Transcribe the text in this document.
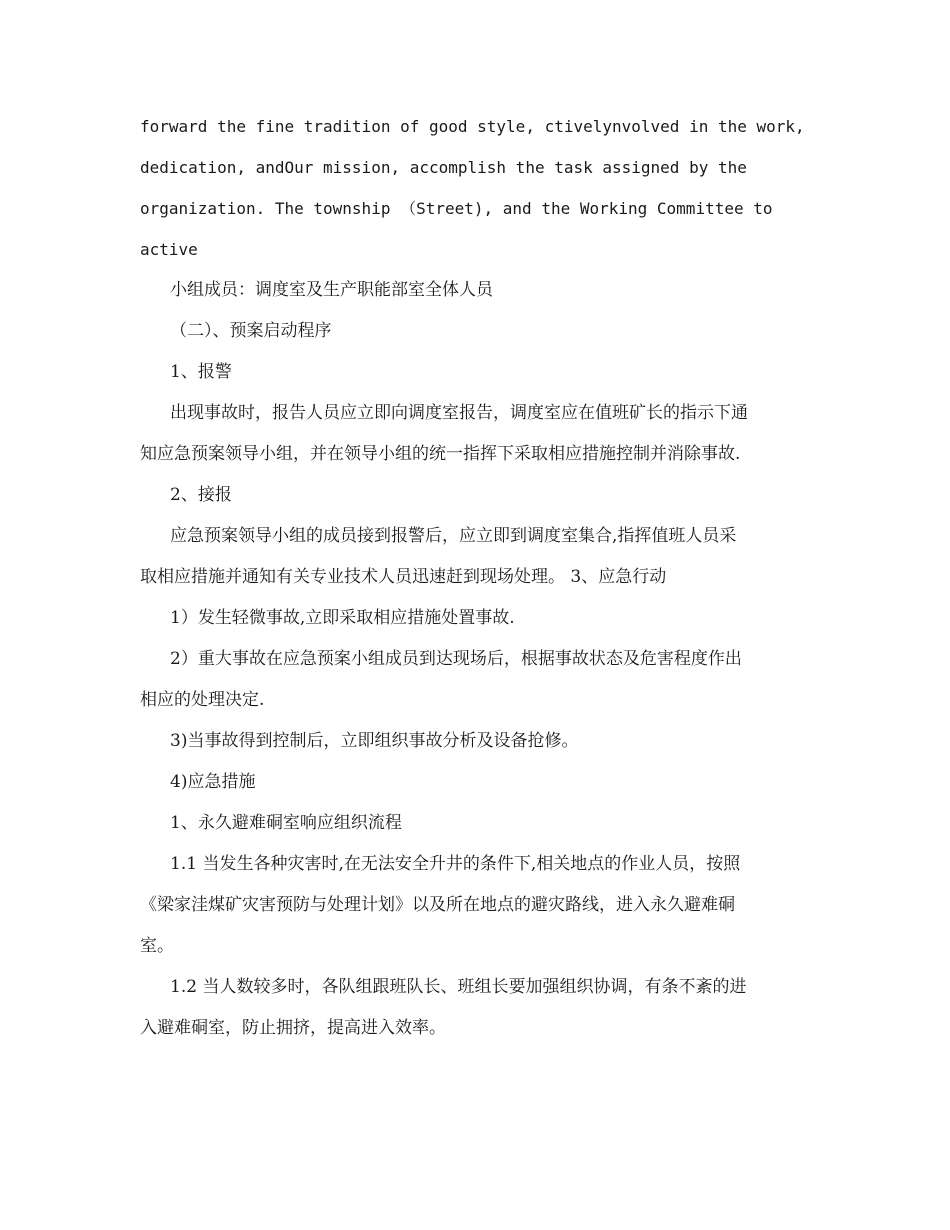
forward the fine tradition of good style, ctivelynvolved in the work,
dedication, andOur mission, accomplish the task assigned by the
organization. The township （Street), and the Working Committee to
active
小组成员：调度室及生产职能部室全体人员
（二）、预案启动程序
1、报警
出现事故时，报告人员应立即向调度室报告，调度室应在值班矿长的指示下通
知应急预案领导小组，并在领导小组的统一指挥下采取相应措施控制并消除事故.
2、接报
应急预案领导小组的成员接到报警后，应立即到调度室集合,指挥值班人员采
取相应措施并通知有关专业技术人员迅速赶到现场处理。 3、应急行动
1）发生轻微事故,立即采取相应措施处置事故.
2）重大事故在应急预案小组成员到达现场后，根据事故状态及危害程度作出
相应的处理决定.
3)当事故得到控制后，立即组织事故分析及设备抢修。
4)应急措施
1、永久避难硐室响应组织流程
1.1 当发生各种灾害时,在无法安全升井的条件下,相关地点的作业人员，按照
《梁家洼煤矿灾害预防与处理计划》以及所在地点的避灾路线，进入永久避难硐
室。
1.2 当人数较多时，各队组跟班队长、班组长要加强组织协调，有条不紊的进
入避难硐室，防止拥挤，提高进入效率。
